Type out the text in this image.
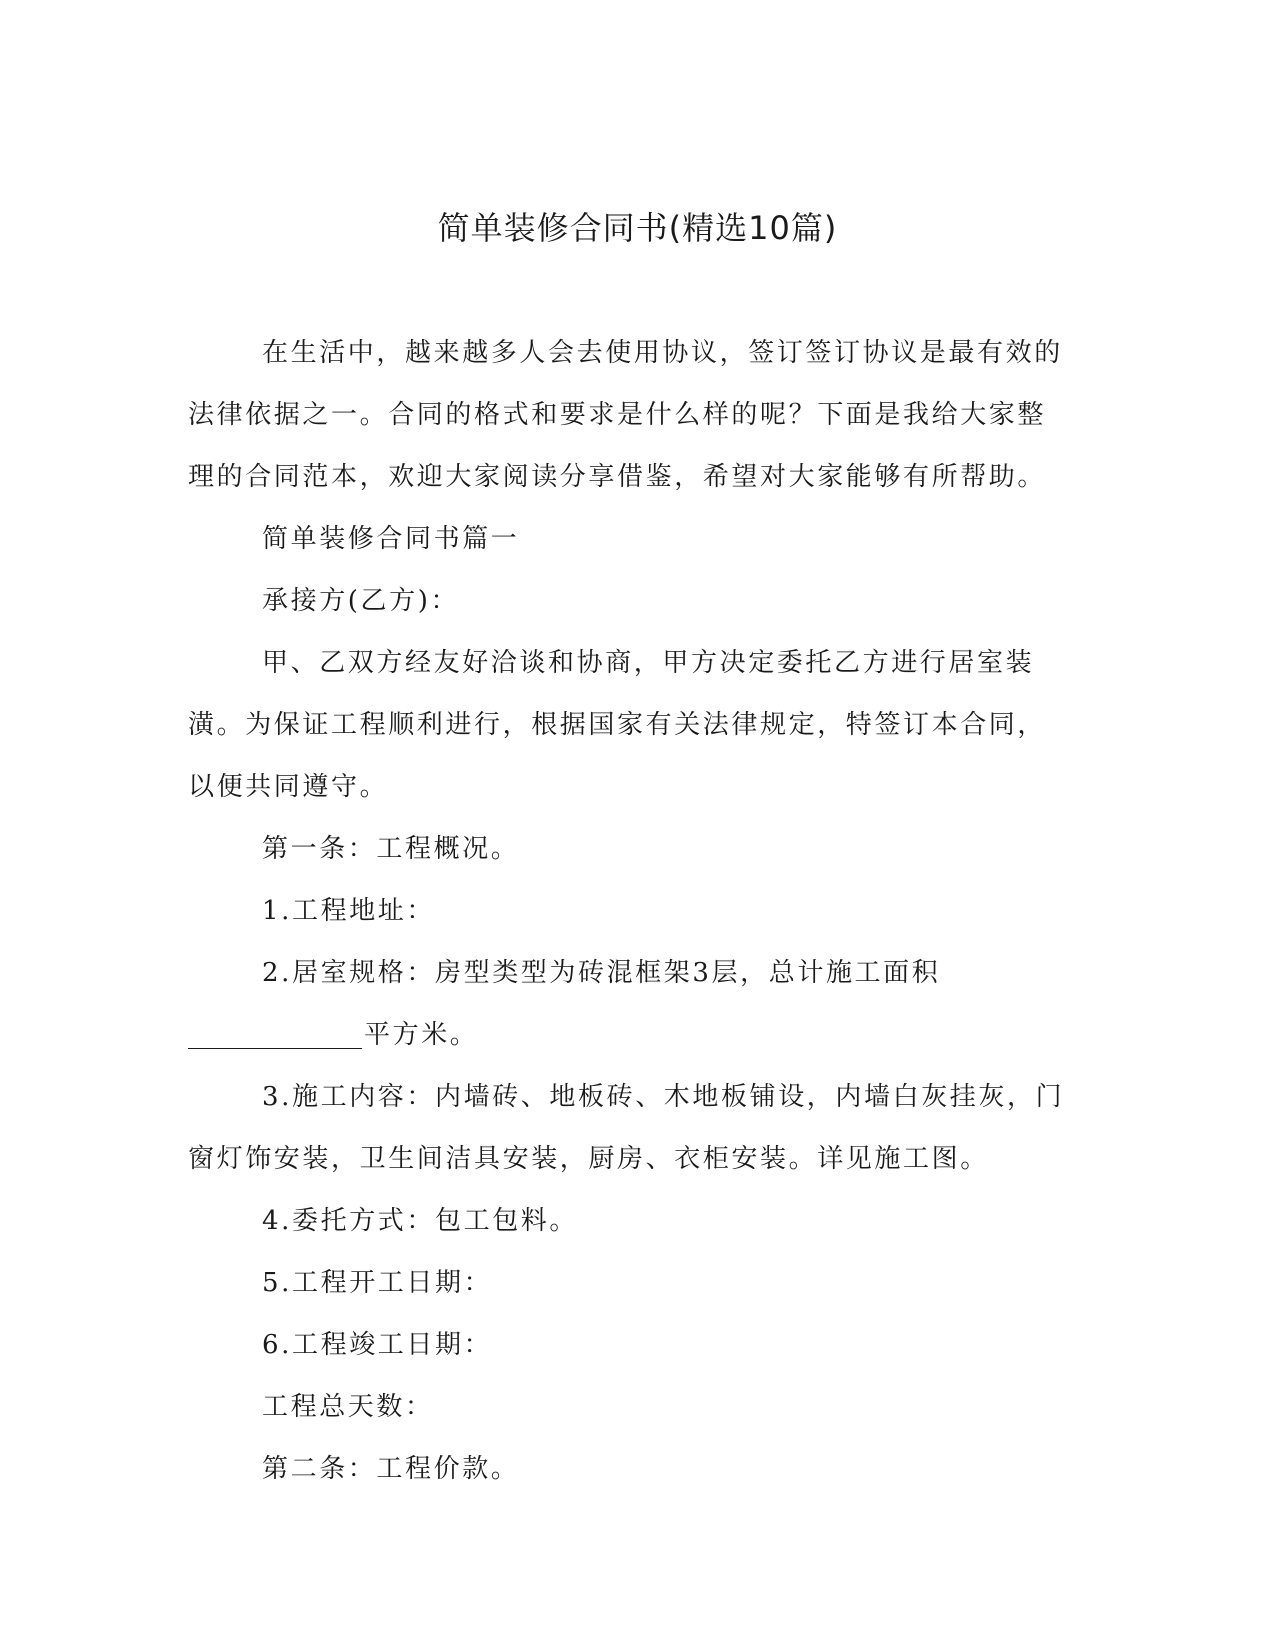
简单装修合同书(精选10篇)

在生活中，越来越多人会去使用协议，签订签订协议是最有效的法律依据之一。合同的格式和要求是什么样的呢？下面是我给大家整理的合同范本，欢迎大家阅读分享借鉴，希望对大家能够有所帮助。

简单装修合同书篇一

承接方(乙方)：

甲、乙双方经友好洽谈和协商，甲方决定委托乙方进行居室装潢。为保证工程顺利进行，根据国家有关法律规定，特签订本合同，以便共同遵守。

第一条：工程概况。

1.工程地址：

2.居室规格：房型类型为砖混框架3层，总计施工面积

平方米。

3.施工内容：内墙砖、地板砖、木地板铺设，内墙白灰挂灰，门窗灯饰安装，卫生间洁具安装，厨房、衣柜安装。详见施工图。

4.委托方式：包工包料。

5.工程开工日期：

6.工程竣工日期：

工程总天数：

第二条：工程价款。
